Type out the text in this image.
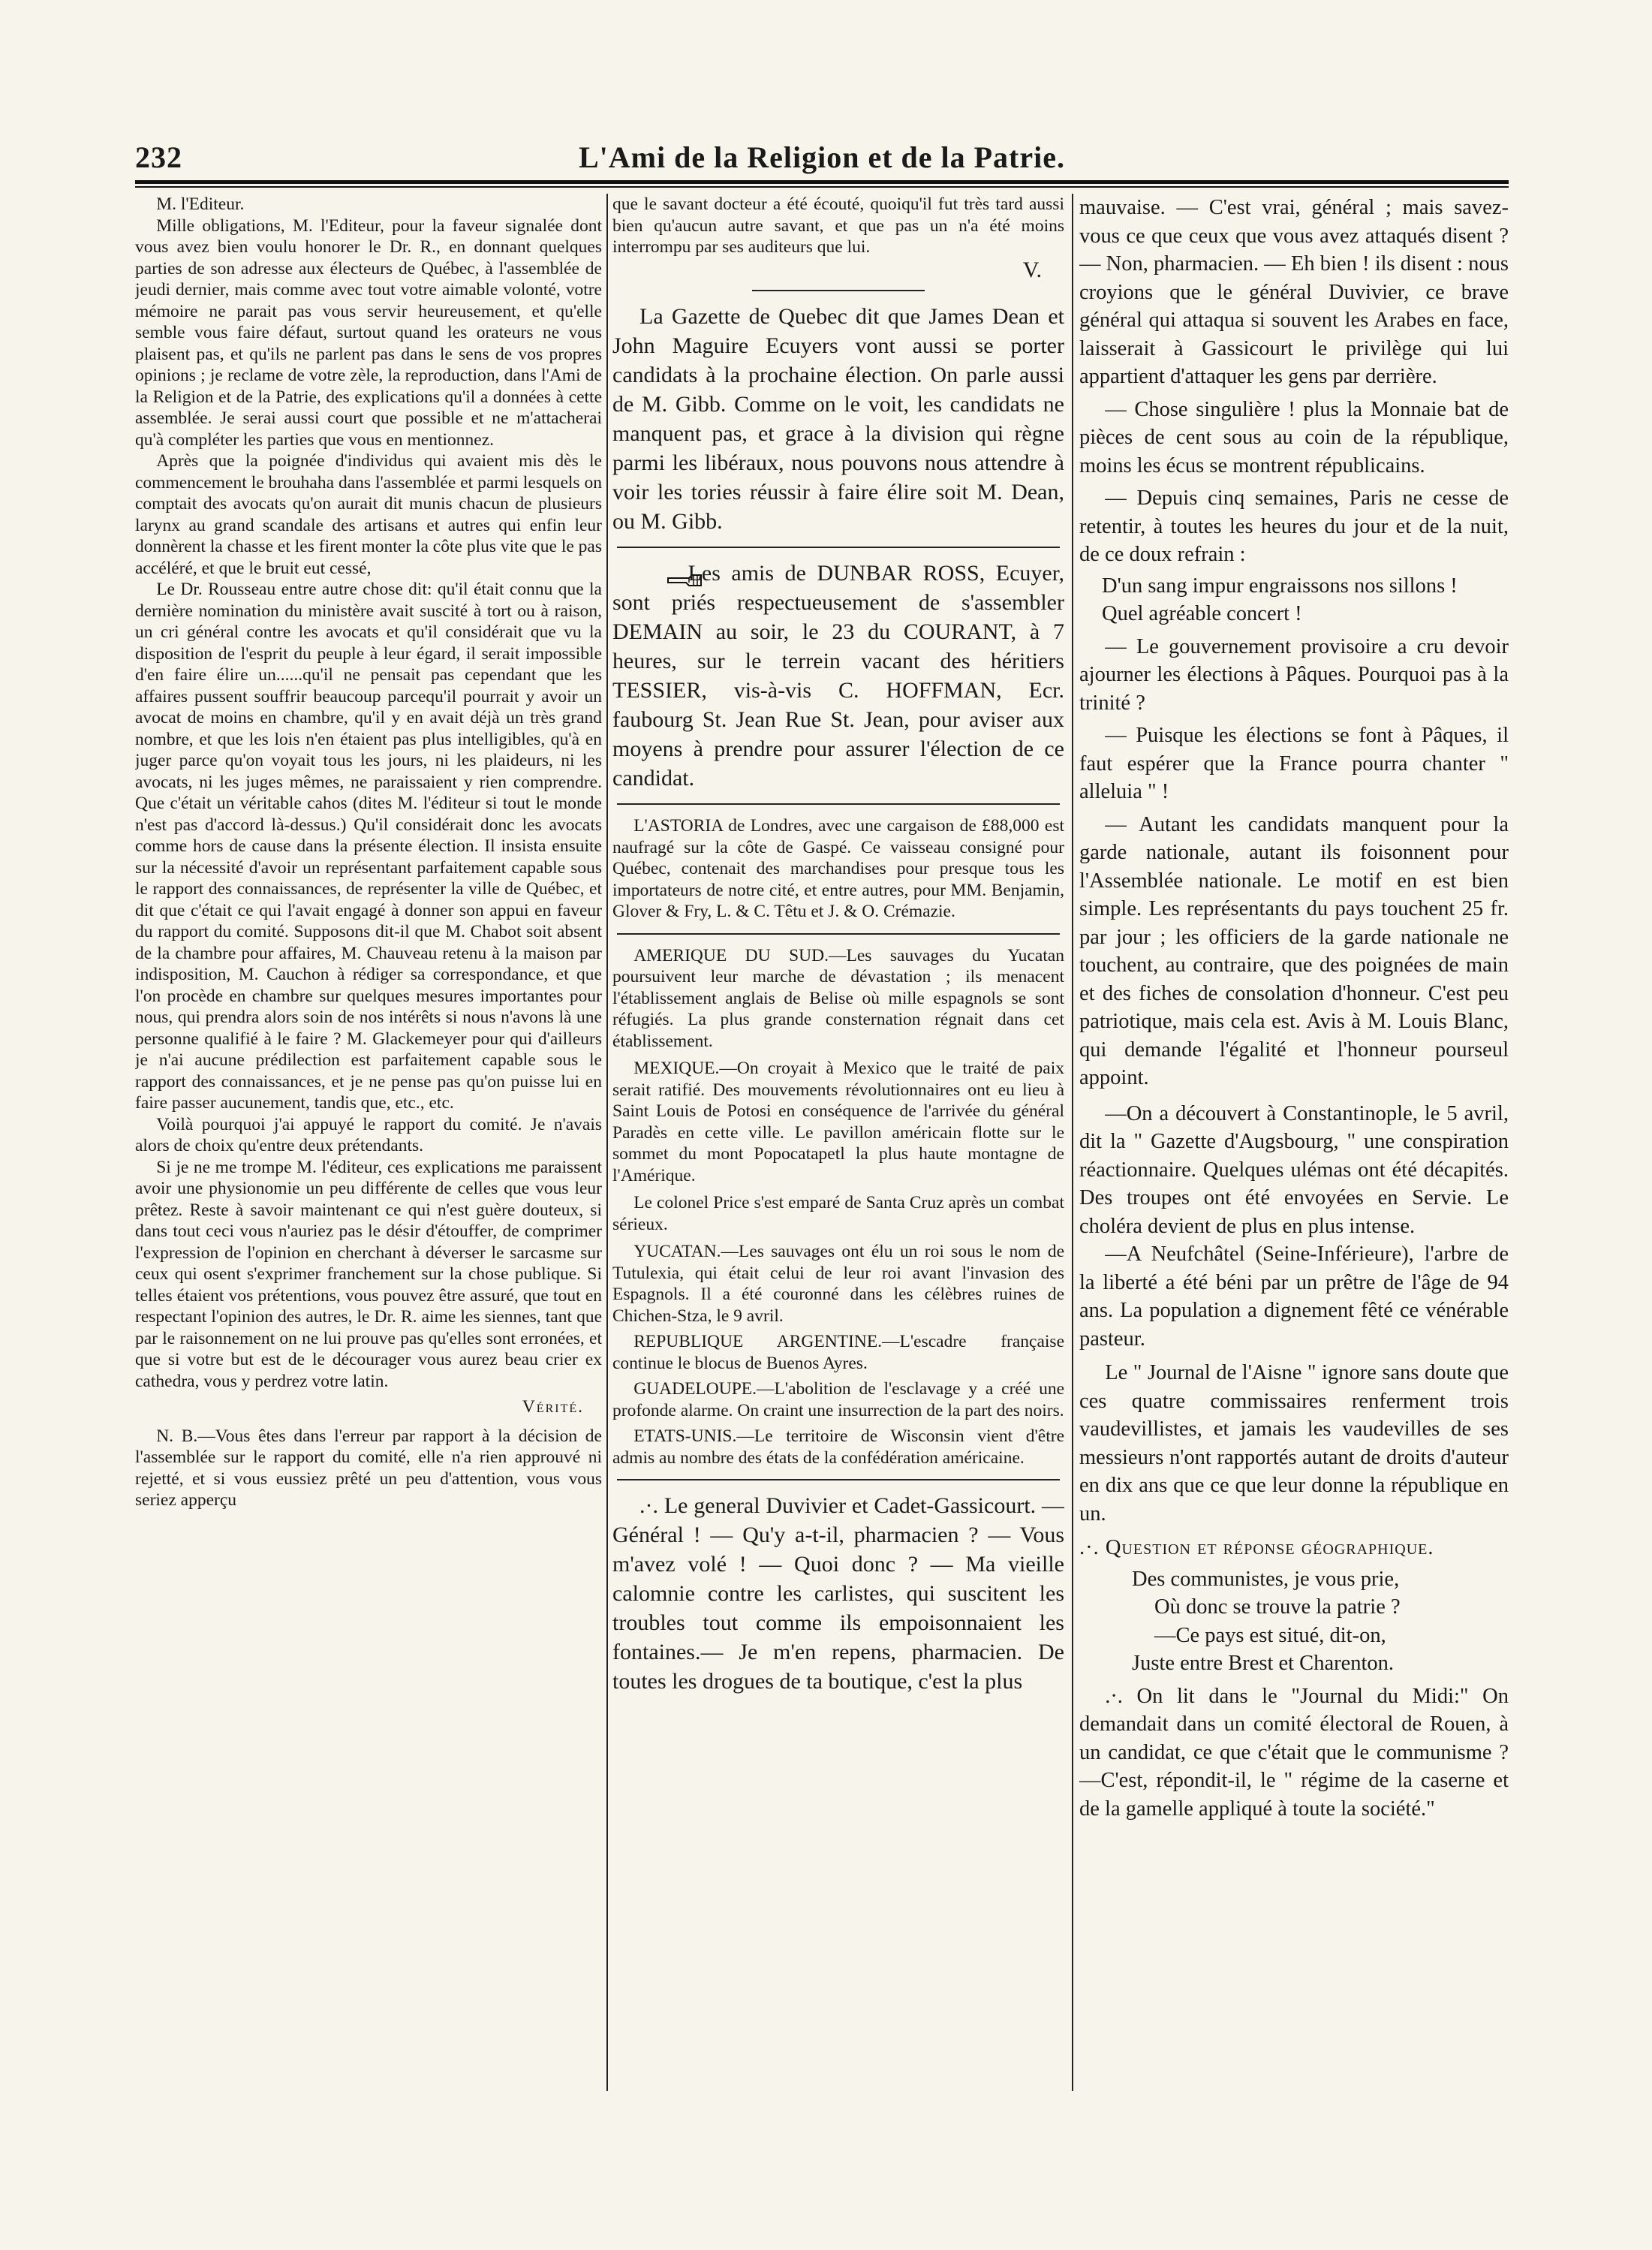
232	L'Ami de la Religion et de la Patrie.

M. l'Editeur.

Mille obligations, M. l'Editeur, pour la faveur signalée dont vous avez bien voulu honorer le Dr. R., en donnant quelques parties de son adresse aux électeurs de Québec, à l'assemblée de jeudi dernier, mais comme avec tout votre aimable volonté, votre mémoire ne parait pas vous servir heureusement, et qu'elle semble vous faire défaut, surtout quand les orateurs ne vous plaisent pas, et qu'ils ne parlent pas dans le sens de vos propres opinions ; je reclame de votre zèle, la reproduction, dans l'Ami de la Religion et de la Patrie, des explications qu'il a données à cette assemblée. Je serai aussi court que possible et ne m'attacherai qu'à compléter les parties que vous en mentionnez.

Après que la poignée d'individus qui avaient mis dès le commencement le brouhaha dans l'assemblée et parmi lesquels on comptait des avocats qu'on aurait dit munis chacun de plusieurs larynx au grand scandale des artisans et autres qui enfin leur donnèrent la chasse et les firent monter la côte plus vite que le pas accéléré, et que le bruit eut cessé,

Le Dr. Rousseau entre autre chose dit: qu'il était connu que la dernière nomination du ministère avait suscité à tort ou à raison, un cri général contre les avocats et qu'il considérait que vu la disposition de l'esprit du peuple à leur égard, il serait impossible d'en faire élire un......qu'il ne pensait pas cependant que les affaires pussent souffrir beaucoup parcequ'il pourrait y avoir un avocat de moins en chambre, qu'il y en avait déjà un très grand nombre, et que les lois n'en étaient pas plus intelligibles, qu'à en juger parce qu'on voyait tous les jours, ni les plaideurs, ni les avocats, ni les juges mêmes, ne paraissaient y rien comprendre. Que c'était un véritable cahos (dites M. l'éditeur si tout le monde n'est pas d'accord là-dessus.) Qu'il considérait donc les avocats comme hors de cause dans la présente élection. Il insista ensuite sur la nécessité d'avoir un représentant parfaitement capable sous le rapport des connaissances, de représenter la ville de Québec, et dit que c'était ce qui l'avait engagé à donner son appui en faveur du rapport du comité. Supposons dit-il que M. Chabot soit absent de la chambre pour affaires, M. Chauveau retenu à la maison par indisposition, M. Cauchon à rédiger sa correspondance, et que l'on procède en chambre sur quelques mesures importantes pour nous, qui prendra alors soin de nos intérêts si nous n'avons là une personne qualifié à le faire ? M. Glackemeyer pour qui d'ailleurs je n'ai aucune prédilection est parfaitement capable sous le rapport des connaissances, et je ne pense pas qu'on puisse lui en faire passer aucunement, tandis que, etc., etc.

Voilà pourquoi j'ai appuyé le rapport du comité. Je n'avais alors de choix qu'entre deux prétendants.

Si je ne me trompe M. l'éditeur, ces explications me paraissent avoir une physionomie un peu différente de celles que vous leur prêtez. Reste à savoir maintenant ce qui n'est guère douteux, si dans tout ceci vous n'auriez pas le désir d'étouffer, de comprimer l'expression de l'opinion en cherchant à déverser le sarcasme sur ceux qui osent s'exprimer franchement sur la chose publique. Si telles étaient vos prétentions, vous pouvez être assuré, que tout en respectant l'opinion des autres, le Dr. R. aime les siennes, tant que par le raisonnement on ne lui prouve pas qu'elles sont erronées, et que si votre but est de le décourager vous aurez beau crier ex cathedra, vous y perdrez votre latin.

Vérité.

N. B.—Vous êtes dans l'erreur par rapport à la décision de l'assemblée sur le rapport du comité, elle n'a rien approuvé ni rejetté, et si vous eussiez prêté un peu d'attention, vous vous seriez apperçu

que le savant docteur a été écouté, quoiqu'il fut très tard aussi bien qu'aucun autre savant, et que pas un n'a été moins interrompu par ses auditeurs que lui.

V.

La Gazette de Quebec dit que James Dean et John Maguire Ecuyers vont aussi se porter candidats à la prochaine élection. On parle aussi de M. Gibb. Comme on le voit, les candidats ne manquent pas, et grace à la division qui règne parmi les libéraux, nous pouvons nous attendre à voir les tories réussir à faire élire soit M. Dean, ou M. Gibb.

Les amis de DUNBAR ROSS, Ecuyer, sont priés respectueusement de s'assembler DEMAIN au soir, le 23 du COURANT, à 7 heures, sur le terrein vacant des héritiers TESSIER, vis-à-vis C. HOFFMAN, Ecr. faubourg St. Jean Rue St. Jean, pour aviser aux moyens à prendre pour assurer l'élection de ce candidat.

L'ASTORIA de Londres, avec une cargaison de £88,000 est naufragé sur la côte de Gaspé. Ce vaisseau consigné pour Québec, contenait des marchandises pour presque tous les importateurs de notre cité, et entre autres, pour MM. Benjamin, Glover & Fry, L. & C. Têtu et J. & O. Crémazie.

AMERIQUE DU SUD.—Les sauvages du Yucatan poursuivent leur marche de dévastation ; ils menacent l'établissement anglais de Belise où mille espagnols se sont réfugiés. La plus grande consternation régnait dans cet établissement.

MEXIQUE.—On croyait à Mexico que le traité de paix serait ratifié. Des mouvements révolutionnaires ont eu lieu à Saint Louis de Potosi en conséquence de l'arrivée du général Paradès en cette ville. Le pavillon américain flotte sur le sommet du mont Popocatapetl la plus haute montagne de l'Amérique.

Le colonel Price s'est emparé de Santa Cruz après un combat sérieux.

YUCATAN.—Les sauvages ont élu un roi sous le nom de Tutulexia, qui était celui de leur roi avant l'invasion des Espagnols. Il a été couronné dans les célèbres ruines de Chichen-Stza, le 9 avril.

REPUBLIQUE ARGENTINE.—L'escadre française continue le blocus de Buenos Ayres.

GUADELOUPE.—L'abolition de l'esclavage y a créé une profonde alarme. On craint une insurrection de la part des noirs.

ETATS-UNIS.—Le territoire de Wisconsin vient d'être admis au nombre des états de la confédération américaine.

.·. Le general Duvivier et Cadet-Gassicourt. — Général ! — Qu'y a-t-il, pharmacien ? — Vous m'avez volé ! — Quoi donc ? — Ma vieille calomnie contre les carlistes, qui suscitent les troubles tout comme ils empoisonnaient les fontaines.— Je m'en repens, pharmacien. De toutes les drogues de ta boutique, c'est la plus

mauvaise. — C'est vrai, général ; mais savez-vous ce que ceux que vous avez attaqués disent ? — Non, pharmacien. — Eh bien ! ils disent : nous croyions que le général Duvivier, ce brave général qui attaqua si souvent les Arabes en face, laisserait à Gassicourt le privilège qui lui appartient d'attaquer les gens par derrière.

— Chose singulière ! plus la Monnaie bat de pièces de cent sous au coin de la république, moins les écus se montrent républicains.

— Depuis cinq semaines, Paris ne cesse de retentir, à toutes les heures du jour et de la nuit, de ce doux refrain :

D'un sang impur engraissons nos sillons !
Quel agréable concert !

— Le gouvernement provisoire a cru devoir ajourner les élections à Pâques. Pourquoi pas à la trinité ?

— Puisque les élections se font à Pâques, il faut espérer que la France pourra chanter " alleluia " !

— Autant les candidats manquent pour la garde nationale, autant ils foisonnent pour l'Assemblée nationale. Le motif en est bien simple. Les représentants du pays touchent 25 fr. par jour ; les officiers de la garde nationale ne touchent, au contraire, que des poignées de main et des fiches de consolation d'honneur. C'est peu patriotique, mais cela est. Avis à M. Louis Blanc, qui demande l'égalité et l'honneur pourseul appoint.

—On a découvert à Constantinople, le 5 avril, dit la " Gazette d'Augsbourg, " une conspiration réactionnaire. Quelques ulémas ont été décapités. Des troupes ont été envoyées en Servie. Le choléra devient de plus en plus intense.

—A Neufchâtel (Seine-Inférieure), l'arbre de la liberté a été béni par un prêtre de l'âge de 94 ans. La population a dignement fêté ce vénérable pasteur.

Le " Journal de l'Aisne " ignore sans doute que ces quatre commissaires renferment trois vaudevillistes, et jamais les vaudevilles de ses messieurs n'ont rapportés autant de droits d'auteur en dix ans que ce que leur donne la république en un.

.·. Question et réponse géographique.

Des communistes, je vous prie,
Où donc se trouve la patrie ?
—Ce pays est situé, dit-on,
Juste entre Brest et Charenton.

.·. On lit dans le "Journal du Midi:" On demandait dans un comité électoral de Rouen, à un candidat, ce que c'était que le communisme ?—C'est, répondit-il, le " régime de la caserne et de la gamelle appliqué à toute la société."
